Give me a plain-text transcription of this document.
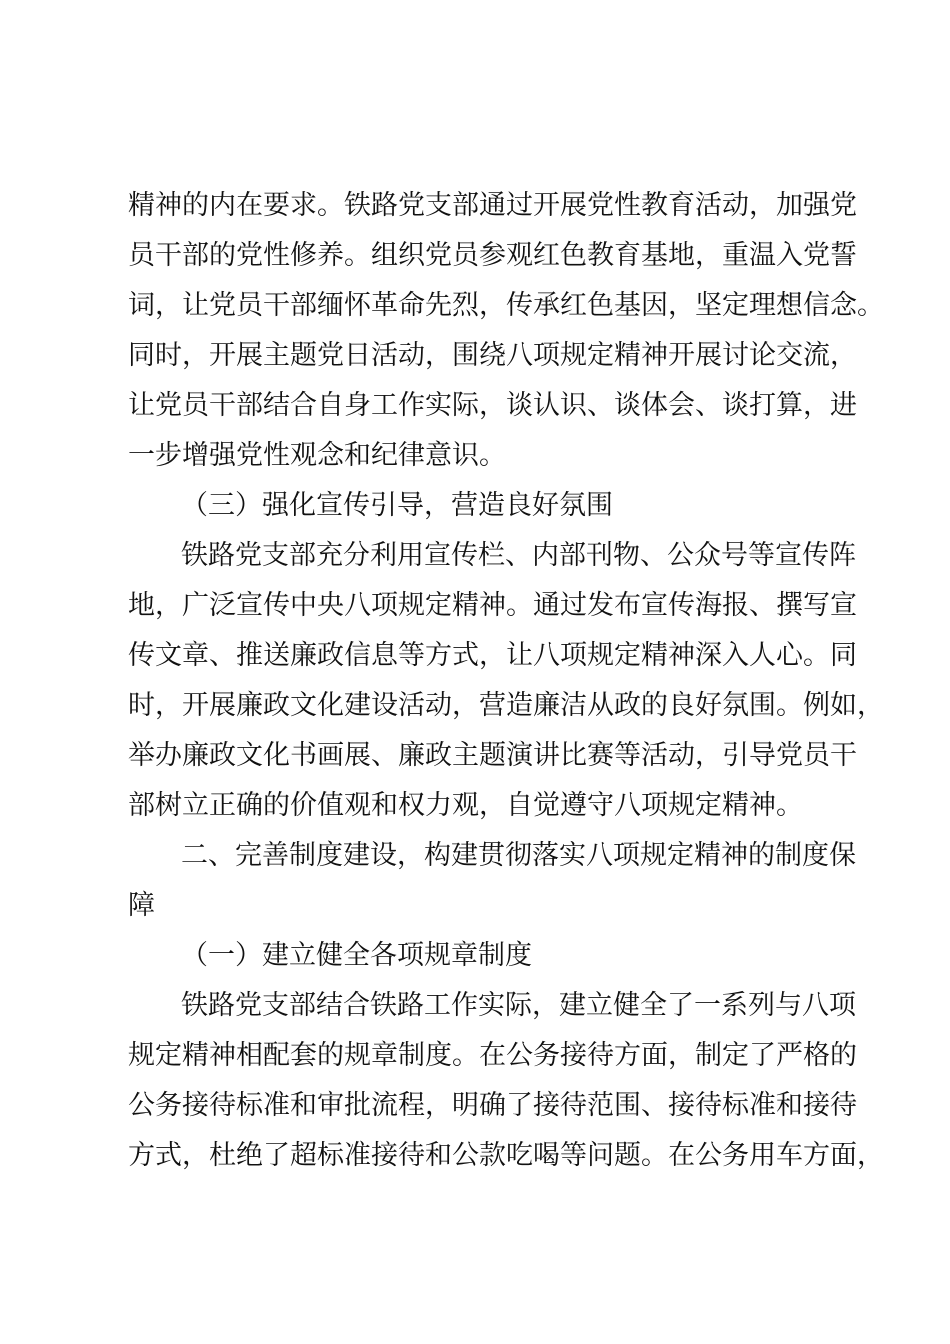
精神的内在要求。铁路党支部通过开展党性教育活动，加强党
员干部的党性修养。组织党员参观红色教育基地，重温入党誓
词，让党员干部缅怀革命先烈，传承红色基因，坚定理想信念。
同时，开展主题党日活动，围绕八项规定精神开展讨论交流，
让党员干部结合自身工作实际，谈认识、谈体会、谈打算，进
一步增强党性观念和纪律意识。
（三）强化宣传引导，营造良好氛围
铁路党支部充分利用宣传栏、内部刊物、公众号等宣传阵
地，广泛宣传中央八项规定精神。通过发布宣传海报、撰写宣
传文章、推送廉政信息等方式，让八项规定精神深入人心。同
时，开展廉政文化建设活动，营造廉洁从政的良好氛围。例如，
举办廉政文化书画展、廉政主题演讲比赛等活动，引导党员干
部树立正确的价值观和权力观，自觉遵守八项规定精神。
二、完善制度建设，构建贯彻落实八项规定精神的制度保
障
（一）建立健全各项规章制度
铁路党支部结合铁路工作实际，建立健全了一系列与八项
规定精神相配套的规章制度。在公务接待方面，制定了严格的
公务接待标准和审批流程，明确了接待范围、接待标准和接待
方式，杜绝了超标准接待和公款吃喝等问题。在公务用车方面，
